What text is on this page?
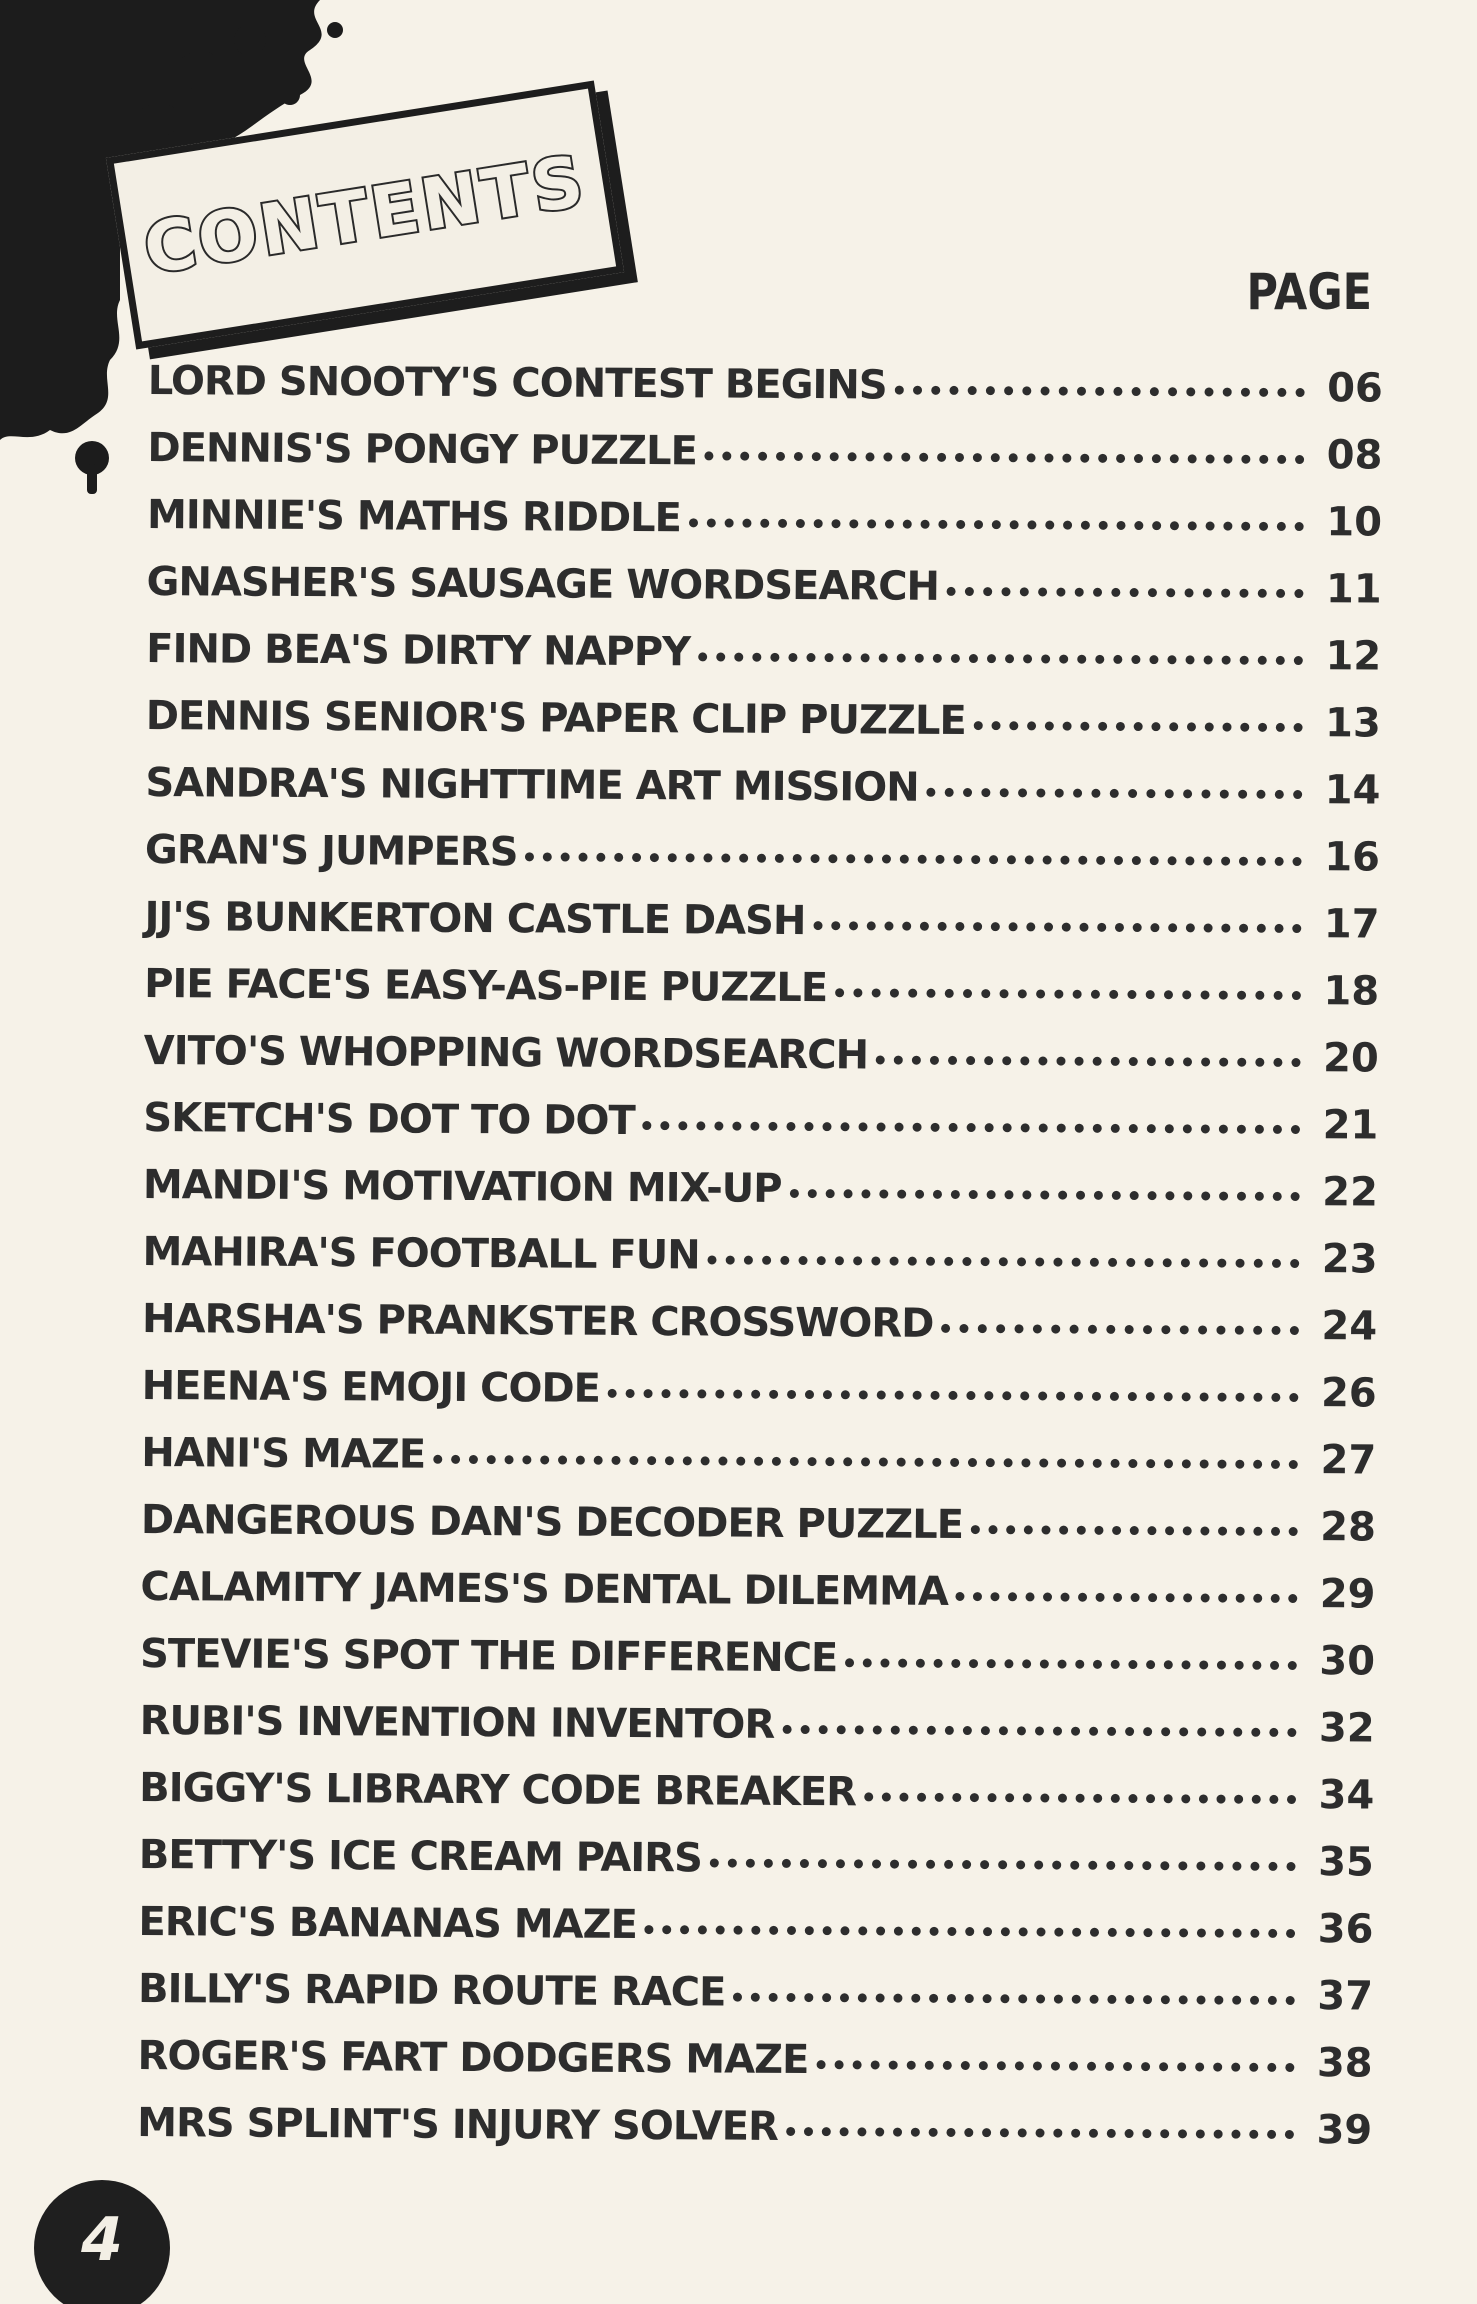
CONTENTS
PAGE
LORD SNOOTY'S CONTEST BEGINS	06
DENNIS'S PONGY PUZZLE	08
MINNIE'S MATHS RIDDLE	10
GNASHER'S SAUSAGE WORDSEARCH	11
FIND BEA'S DIRTY NAPPY	12
DENNIS SENIOR'S PAPER CLIP PUZZLE	13
SANDRA'S NIGHTTIME ART MISSION	14
GRAN'S JUMPERS	16
JJ'S BUNKERTON CASTLE DASH	17
PIE FACE'S EASY-AS-PIE PUZZLE	18
VITO'S WHOPPING WORDSEARCH	20
SKETCH'S DOT TO DOT	21
MANDI'S MOTIVATION MIX-UP	22
MAHIRA'S FOOTBALL FUN	23
HARSHA'S PRANKSTER CROSSWORD	24
HEENA'S EMOJI CODE	26
HANI'S MAZE	27
DANGEROUS DAN'S DECODER PUZZLE	28
CALAMITY JAMES'S DENTAL DILEMMA	29
STEVIE'S SPOT THE DIFFERENCE	30
RUBI'S INVENTION INVENTOR	32
BIGGY'S LIBRARY CODE BREAKER	34
BETTY'S ICE CREAM PAIRS	35
ERIC'S BANANAS MAZE	36
BILLY'S RAPID ROUTE RACE	37
ROGER'S FART DODGERS MAZE	38
MRS SPLINT'S INJURY SOLVER	39
4
